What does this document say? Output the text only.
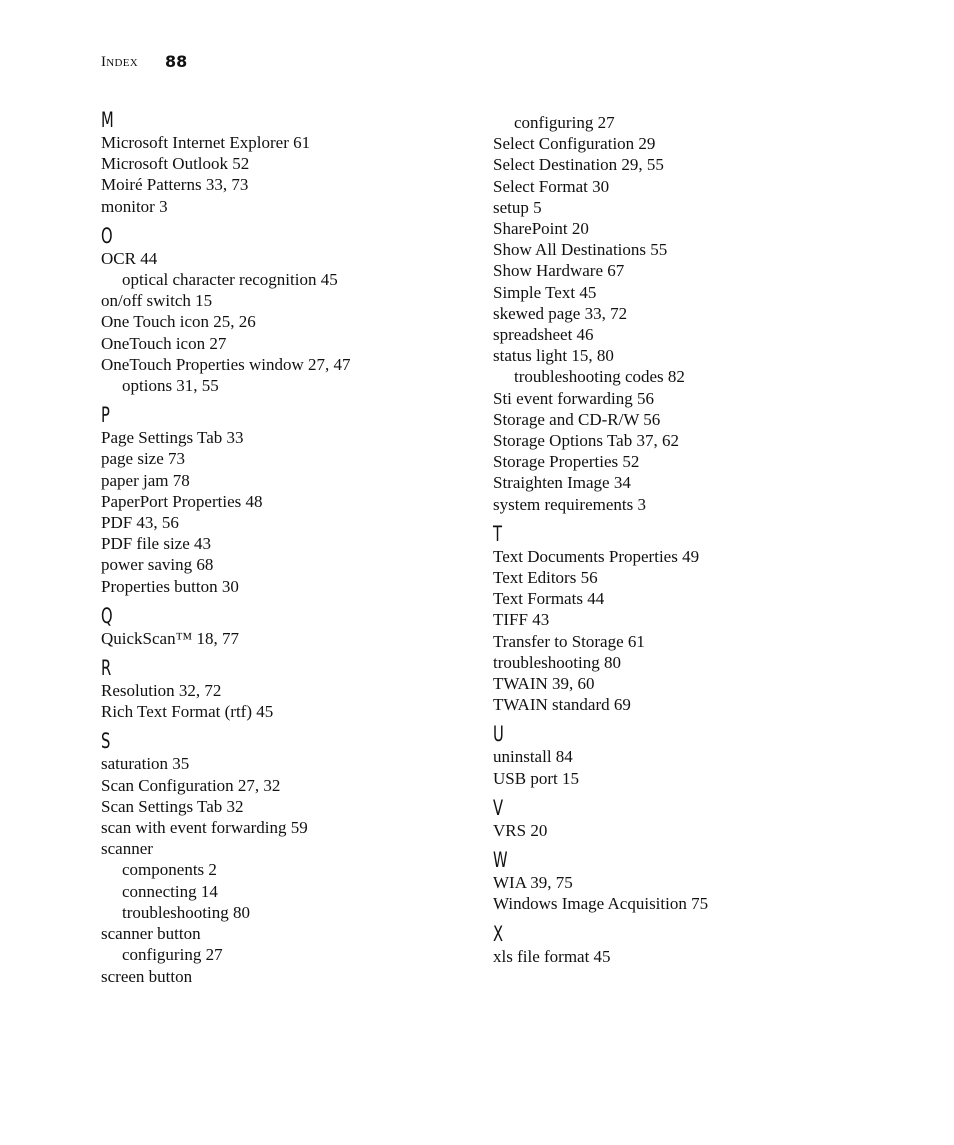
Index 88
M
Microsoft Internet Explorer 61
Microsoft Outlook 52
Moiré Patterns 33, 73
monitor 3
O
OCR 44
optical character recognition 45
on/off switch 15
One Touch icon 25, 26
OneTouch icon 27
OneTouch Properties window 27, 47
options 31, 55
P
Page Settings Tab 33
page size 73
paper jam 78
PaperPort Properties 48
PDF 43, 56
PDF file size 43
power saving 68
Properties button 30
Q
QuickScan™ 18, 77
R
Resolution 32, 72
Rich Text Format (rtf) 45
S
saturation 35
Scan Configuration 27, 32
Scan Settings Tab 32
scan with event forwarding 59
scanner
components 2
connecting 14
troubleshooting 80
scanner button
configuring 27
screen button
configuring 27
Select Configuration 29
Select Destination 29, 55
Select Format 30
setup 5
SharePoint 20
Show All Destinations 55
Show Hardware 67
Simple Text 45
skewed page 33, 72
spreadsheet 46
status light 15, 80
troubleshooting codes 82
Sti event forwarding 56
Storage and CD-R/W 56
Storage Options Tab 37, 62
Storage Properties 52
Straighten Image 34
system requirements 3
T
Text Documents Properties 49
Text Editors 56
Text Formats 44
TIFF 43
Transfer to Storage 61
troubleshooting 80
TWAIN 39, 60
TWAIN standard 69
U
uninstall 84
USB port 15
V
VRS 20
W
WIA 39, 75
Windows Image Acquisition 75
X
xls file format 45
